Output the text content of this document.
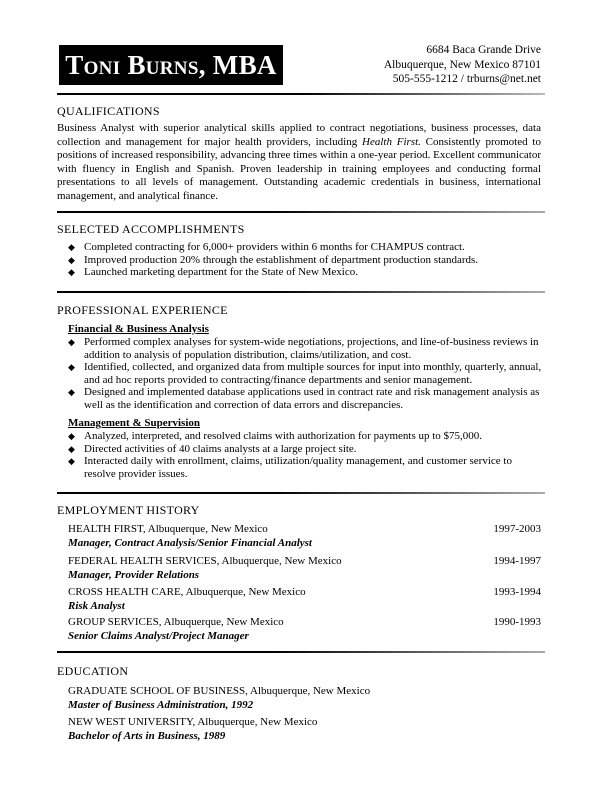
Toni Burns, MBA	6684 Baca Grande Drive
Albuquerque, New Mexico 87101
505-555-1212 / trburns@net.net
QUALIFICATIONS
Business Analyst with superior analytical skills applied to contract negotiations, business processes, data collection and management for major health providers, including Health First. Consistently promoted to positions of increased responsibility, advancing three times within a one-year period. Excellent communicator with fluency in English and Spanish. Proven leadership in training employees and conducting formal presentations to all levels of management. Outstanding academic credentials in business, international management, and analytical finance.
SELECTED ACCOMPLISHMENTS
◆ Completed contracting for 6,000+ providers within 6 months for CHAMPUS contract.
◆ Improved production 20% through the establishment of department production standards.
◆ Launched marketing department for the State of New Mexico.
PROFESSIONAL EXPERIENCE
Financial & Business Analysis
◆ Performed complex analyses for system-wide negotiations, projections, and line-of-business reviews in addition to analysis of population distribution, claims/utilization, and cost.
◆ Identified, collected, and organized data from multiple sources for input into monthly, quarterly, annual, and ad hoc reports provided to contracting/finance departments and senior management.
◆ Designed and implemented database applications used in contract rate and risk management analysis as well as the identification and correction of data errors and discrepancies.
Management & Supervision
◆ Analyzed, interpreted, and resolved claims with authorization for payments up to $75,000.
◆ Directed activities of 40 claims analysts at a large project site.
◆ Interacted daily with enrollment, claims, utilization/quality management, and customer service to resolve provider issues.
EMPLOYMENT HISTORY
HEALTH FIRST, Albuquerque, New Mexico	1997-2003
Manager, Contract Analysis/Senior Financial Analyst
FEDERAL HEALTH SERVICES, Albuquerque, New Mexico	1994-1997
Manager, Provider Relations
CROSS HEALTH CARE, Albuquerque, New Mexico	1993-1994
Risk Analyst
GROUP SERVICES, Albuquerque, New Mexico	1990-1993
Senior Claims Analyst/Project Manager
EDUCATION
GRADUATE SCHOOL OF BUSINESS, Albuquerque, New Mexico
Master of Business Administration, 1992
NEW WEST UNIVERSITY, Albuquerque, New Mexico
Bachelor of Arts in Business, 1989
